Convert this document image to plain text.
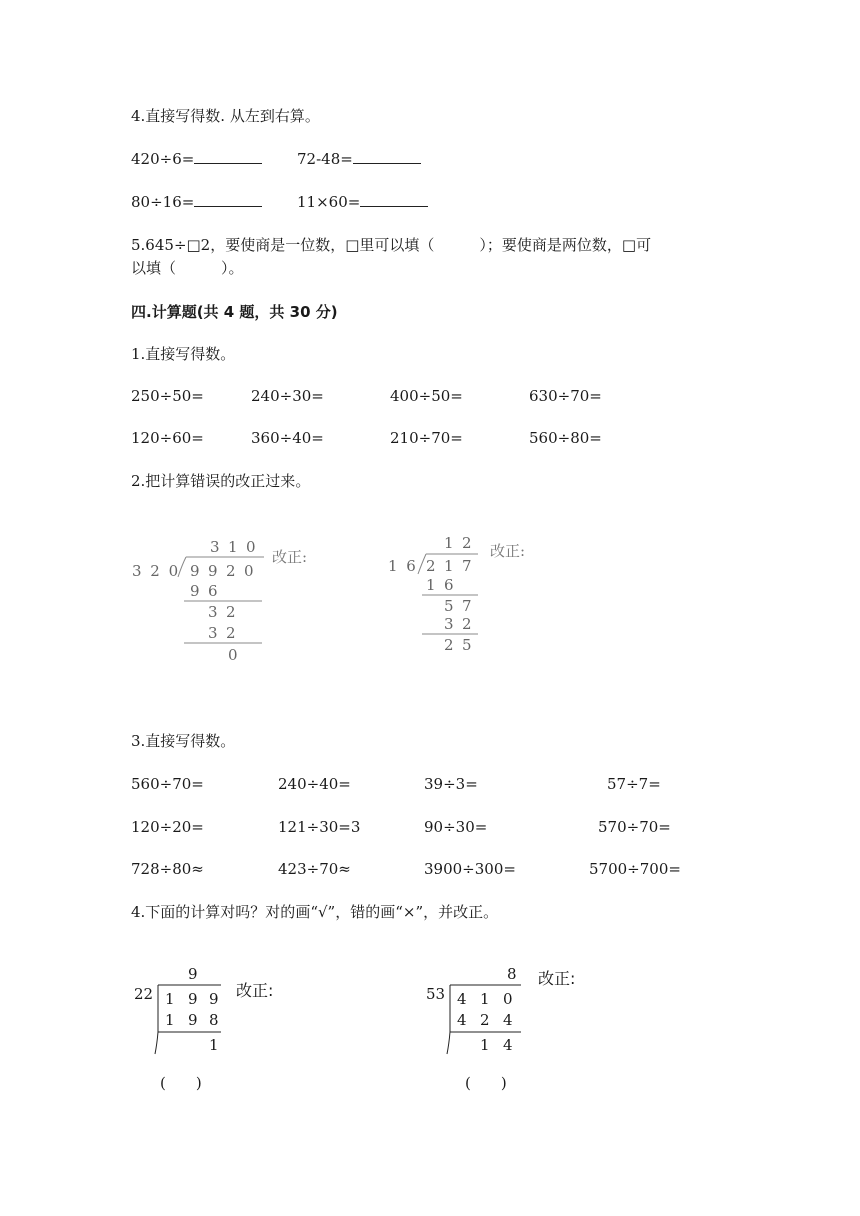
4.直接写得数. 从左到右算。
420÷6=	72-48=
80÷16=	11×60=
5.645÷□2，要使商是一位数，□里可以填（　　　）；要使商是两位数，□可
以填（　　　）。
四.计算题(共 4 题，共 30 分)
1.直接写得数。
250÷50=	240÷30=	400÷50=	630÷70=
120÷60=	360÷40=	210÷70=	560÷80=
2.把计算错误的改正过来。
3 1 0
3 2 0 9 9 2 0
9 6
3 2
3 2
0
改正:
1 2
1 6 2 1 7
1 6
5 7
3 2
2 5
改正:
3.直接写得数。
560÷70=	240÷40=	39÷3=	57÷7=
120÷20=	121÷30=3	90÷30=	570÷70=
728÷80≈	423÷70≈	3900÷300=	5700÷700=
4.下面的计算对吗？对的画“√”，错的画“×”，并改正。
9
22 1 9 9
1 9 8
1
改正:
(　　)
8
53 4 1 0
4 2 4
1 4
改正:
(　　)
